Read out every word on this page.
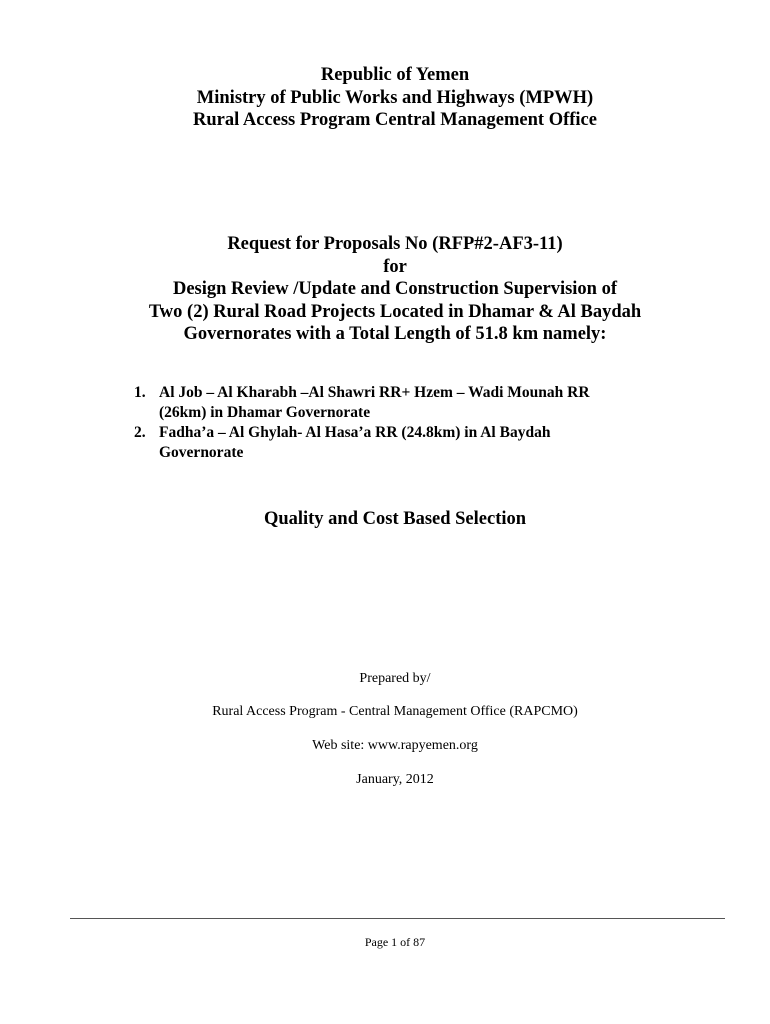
Republic of Yemen
Ministry of Public Works and Highways (MPWH)
Rural Access Program Central Management Office
Request for Proposals No (RFP#2-AF3-11)
for
Design Review /Update and Construction Supervision of
Two (2) Rural Road Projects Located in Dhamar & Al Baydah
Governorates with a Total Length of 51.8 km namely:
1. Al Job – Al Kharabh –Al Shawri RR+ Hzem – Wadi Mounah RR
(26km) in Dhamar Governorate
2. Fadha’a – Al Ghylah- Al Hasa’a RR (24.8km) in Al Baydah
Governorate
Quality and Cost Based Selection
Prepared by/
Rural Access Program - Central Management Office (RAPCMO)
Web site: www.rapyemen.org
January, 2012
Page 1 of 87
